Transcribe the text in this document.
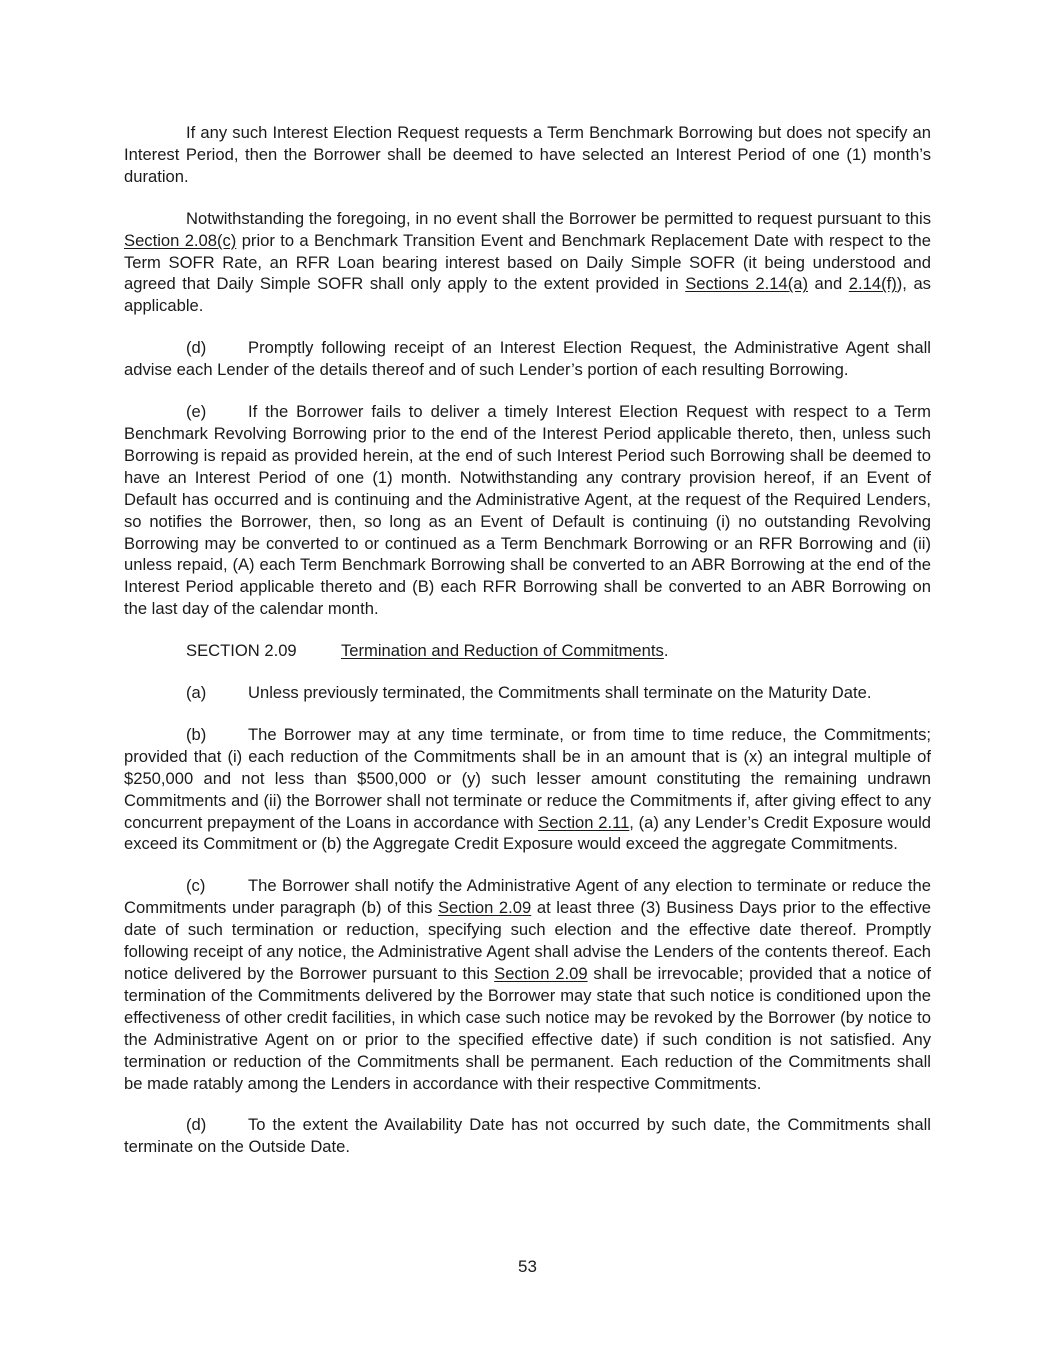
If any such Interest Election Request requests a Term Benchmark Borrowing but does not specify an Interest Period, then the Borrower shall be deemed to have selected an Interest Period of one (1) month’s duration.

Notwithstanding the foregoing, in no event shall the Borrower be permitted to request pursuant to this Section 2.08(c) prior to a Benchmark Transition Event and Benchmark Replacement Date with respect to the Term SOFR Rate, an RFR Loan bearing interest based on Daily Simple SOFR (it being understood and agreed that Daily Simple SOFR shall only apply to the extent provided in Sections 2.14(a) and 2.14(f)), as applicable.

(d)	Promptly following receipt of an Interest Election Request, the Administrative Agent shall advise each Lender of the details thereof and of such Lender’s portion of each resulting Borrowing.

(e)	If the Borrower fails to deliver a timely Interest Election Request with respect to a Term Benchmark Revolving Borrowing prior to the end of the Interest Period applicable thereto, then, unless such Borrowing is repaid as provided herein, at the end of such Interest Period such Borrowing shall be deemed to have an Interest Period of one (1) month. Notwithstanding any contrary provision hereof, if an Event of Default has occurred and is continuing and the Administrative Agent, at the request of the Required Lenders, so notifies the Borrower, then, so long as an Event of Default is continuing (i) no outstanding Revolving Borrowing may be converted to or continued as a Term Benchmark Borrowing or an RFR Borrowing and (ii) unless repaid, (A) each Term Benchmark Borrowing shall be converted to an ABR Borrowing at the end of the Interest Period applicable thereto and (B) each RFR Borrowing shall be converted to an ABR Borrowing on the last day of the calendar month.

SECTION 2.09	Termination and Reduction of Commitments.

(a)	Unless previously terminated, the Commitments shall terminate on the Maturity Date.

(b)	The Borrower may at any time terminate, or from time to time reduce, the Commitments; provided that (i) each reduction of the Commitments shall be in an amount that is (x) an integral multiple of $250,000 and not less than $500,000 or (y) such lesser amount constituting the remaining undrawn Commitments and (ii) the Borrower shall not terminate or reduce the Commitments if, after giving effect to any concurrent prepayment of the Loans in accordance with Section 2.11, (a) any Lender’s Credit Exposure would exceed its Commitment or (b) the Aggregate Credit Exposure would exceed the aggregate Commitments.

(c)	The Borrower shall notify the Administrative Agent of any election to terminate or reduce the Commitments under paragraph (b) of this Section 2.09 at least three (3) Business Days prior to the effective date of such termination or reduction, specifying such election and the effective date thereof. Promptly following receipt of any notice, the Administrative Agent shall advise the Lenders of the contents thereof. Each notice delivered by the Borrower pursuant to this Section 2.09 shall be irrevocable; provided that a notice of termination of the Commitments delivered by the Borrower may state that such notice is conditioned upon the effectiveness of other credit facilities, in which case such notice may be revoked by the Borrower (by notice to the Administrative Agent on or prior to the specified effective date) if such condition is not satisfied. Any termination or reduction of the Commitments shall be permanent. Each reduction of the Commitments shall be made ratably among the Lenders in accordance with their respective Commitments.

(d)	To the extent the Availability Date has not occurred by such date, the Commitments shall terminate on the Outside Date.

53
